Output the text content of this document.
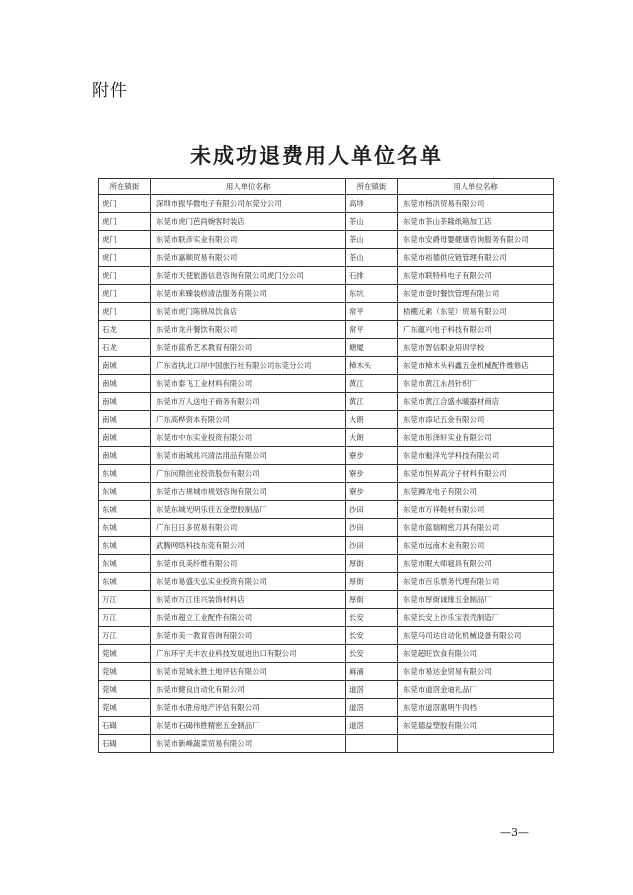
附件
未成功退费用人单位名单
所在镇街	用人单位名称	所在镇街	用人单位名称
虎门	深圳市振华微电子有限公司东莞分公司	高埗	东莞市杨洪贸易有限公司
虎门	东莞市虎门芭尚婉客时装店	茶山	东莞市茶山茶隆纸箱加工店
虎门	东莞市联彦实业有限公司	茶山	东莞市安爵母婴健康咨询服务有限公司
虎门	东莞市嘉顺贸易有限公司	茶山	东莞市裕德供应链管理有限公司
虎门	东莞市天使旅游信息咨询有限公司虎门分公司	石排	东莞市联特科电子有限公司
虎门	东莞市来臻装修清洁服务有限公司	东坑	东莞市壹时餐饮管理有限公司
虎门	东莞市虎门陈锦凤饮食店	常平	梧棚元素（东莞）贸易有限公司
石龙	东莞市龙升餐饮有限公司	常平	广东蕴兴电子科技有限公司
石龙	东莞市蓝希艺术教育有限公司	塘厦	东莞市智信职业培训学校
南城	广东省执北口岸中国旅行社有限公司东莞分公司	樟木头	东莞市樟木头科鑫五金机械配件维修店
南城	东莞市泰飞工业材料有限公司	黄江	东莞市黄江永昌针织厂
南城	东莞市万人送电子商务有限公司	黄江	东莞市黄江合盛水暖器材商店
南城	广东高桦资本有限公司	大朗	东莞市添记五金有限公司
南城	东莞市中东实业投资有限公司	大朗	东莞市彤泽轩实业有限公司
南城	东莞市南城兆兴清洁用品有限公司	寮步	东莞市魁洋光学科技有限公司
东城	广东问鼎创业投资股份有限公司	寮步	东莞市恒昇高分子材料有限公司
东城	东莞市古规城市规划咨询有限公司	寮步	东莞狮龙电子有限公司
东城	东莞东城光明乐佳五金塑胶制品厂	沙田	东莞市万祥鞋材有限公司
东城	广东日日多贸易有限公司	沙田	东莞市蓝瑞精密刀具有限公司
东城	武腾网络科技东莞有限公司	沙田	东莞市远南木业有限公司
东城	东莞市良美纤维有限公司	厚街	东莞市眠大师寝具有限公司
东城	东莞市易盛天弘实业投资有限公司	厚街	东莞市百乐票务代理有限公司
万江	东莞市万江佳兴装饰材料店	厚街	东莞市厚街诚缘五金制品厂
万江	东莞市超立工业配件有限公司	长安	东莞长安上沙乐宝表壳制造厂
万江	东莞市美一教育咨询有限公司	长安	东莞马司达自动化机械设备有限公司
莞城	广东环宇天丰农业科技发展进出口有限公司	长安	东莞超旺饮食有限公司
莞城	东莞市莞城永胜土地评估有限公司	麻涌	东莞市易达金贸易有限公司
莞城	东莞市健良自动化有限公司	道滘	东莞市道滘金迪礼品厂
莞城	东莞市水胜房地产评估有限公司	道滘	东莞市道滘惠明牛肉档
石碣	东莞市石碣伟胜精密五金制品厂	道滘	东莞德益塑胶有限公司
石碣	东莞市新峰蔬菜贸易有限公司		
—3—
